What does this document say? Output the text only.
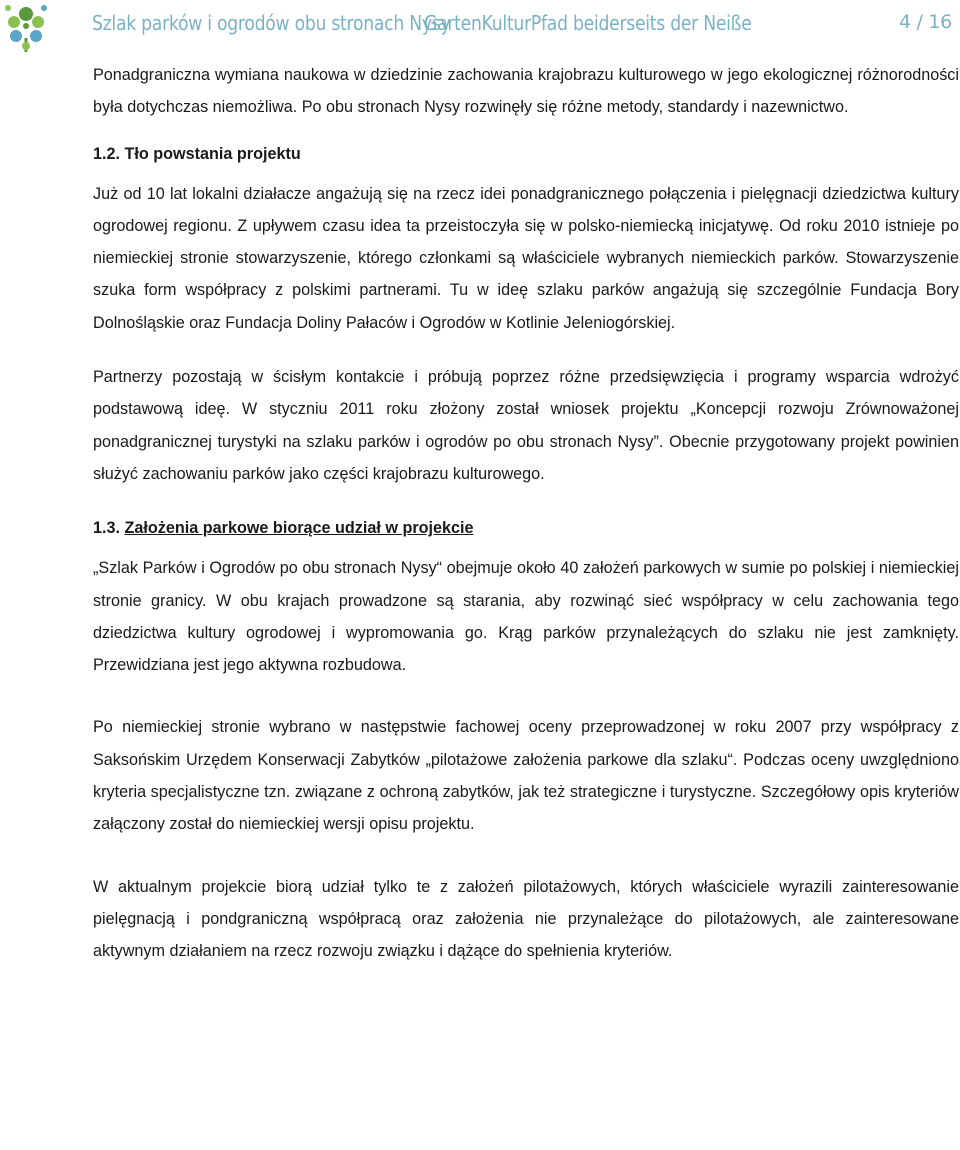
Szlak parków i ogrodów obu stronach Nysy
GartenKulturPfad beiderseits der Neiße	4 / 16

Ponadgraniczna wymiana naukowa w dziedzinie zachowania krajobrazu kulturowego w jego ekologicznej różnorodności była dotychczas niemożliwa. Po obu stronach Nysy rozwinęły się różne metody, standardy i nazewnictwo.

1.2. Tło powstania projektu

Już od 10 lat lokalni działacze angażują się na rzecz idei ponadgranicznego połączenia i pielęgnacji dziedzictwa kultury ogrodowej regionu. Z upływem czasu idea ta przeistoczyła się w polsko-niemiecką inicjatywę. Od roku 2010 istnieje po niemieckiej stronie stowarzyszenie, którego członkami są właściciele wybranych niemieckich parków. Stowarzyszenie szuka form współpracy z polskimi partnerami. Tu w ideę szlaku parków angażują się szczególnie Fundacja Bory Dolnośląskie oraz Fundacja Doliny Pałaców i Ogrodów w Kotlinie Jeleniogórskiej.

Partnerzy pozostają w ścisłym kontakcie i próbują poprzez różne przedsięwzięcia i programy wsparcia wdrożyć podstawową ideę. W styczniu 2011 roku złożony został wniosek projektu „Koncepcji rozwoju Zrównoważonej ponadgranicznej turystyki na szlaku parków i ogrodów po obu stronach Nysy”. Obecnie przygotowany projekt powinien służyć zachowaniu parków jako części krajobrazu kulturowego.

1.3. Założenia parkowe biorące udział w projekcie

„Szlak Parków i Ogrodów po obu stronach Nysy“ obejmuje około 40 założeń parkowych w sumie po polskiej i niemieckiej stronie granicy. W obu krajach prowadzone są starania, aby rozwinąć sieć współpracy w celu zachowania tego dziedzictwa kultury ogrodowej i wypromowania go. Krąg parków przynależących do szlaku nie jest zamknięty. Przewidziana jest jego aktywna rozbudowa.

Po niemieckiej stronie wybrano w następstwie fachowej oceny przeprowadzonej w roku 2007 przy współpracy z Saksońskim Urzędem Konserwacji Zabytków „pilotażowe założenia parkowe dla szlaku“. Podczas oceny uwzględniono kryteria specjalistyczne tzn. związane z ochroną zabytków, jak też strategiczne i turystyczne. Szczegółowy opis kryteriów załączony został do niemieckiej wersji opisu projektu.

W aktualnym projekcie biorą udział tylko te z założeń pilotażowych, których właściciele wyrazili zainteresowanie pielęgnacją i pondgraniczną współpracą oraz założenia nie przynależące do pilotażowych, ale zainteresowane aktywnym działaniem na rzecz rozwoju związku i dążące do spełnienia kryteriów.
